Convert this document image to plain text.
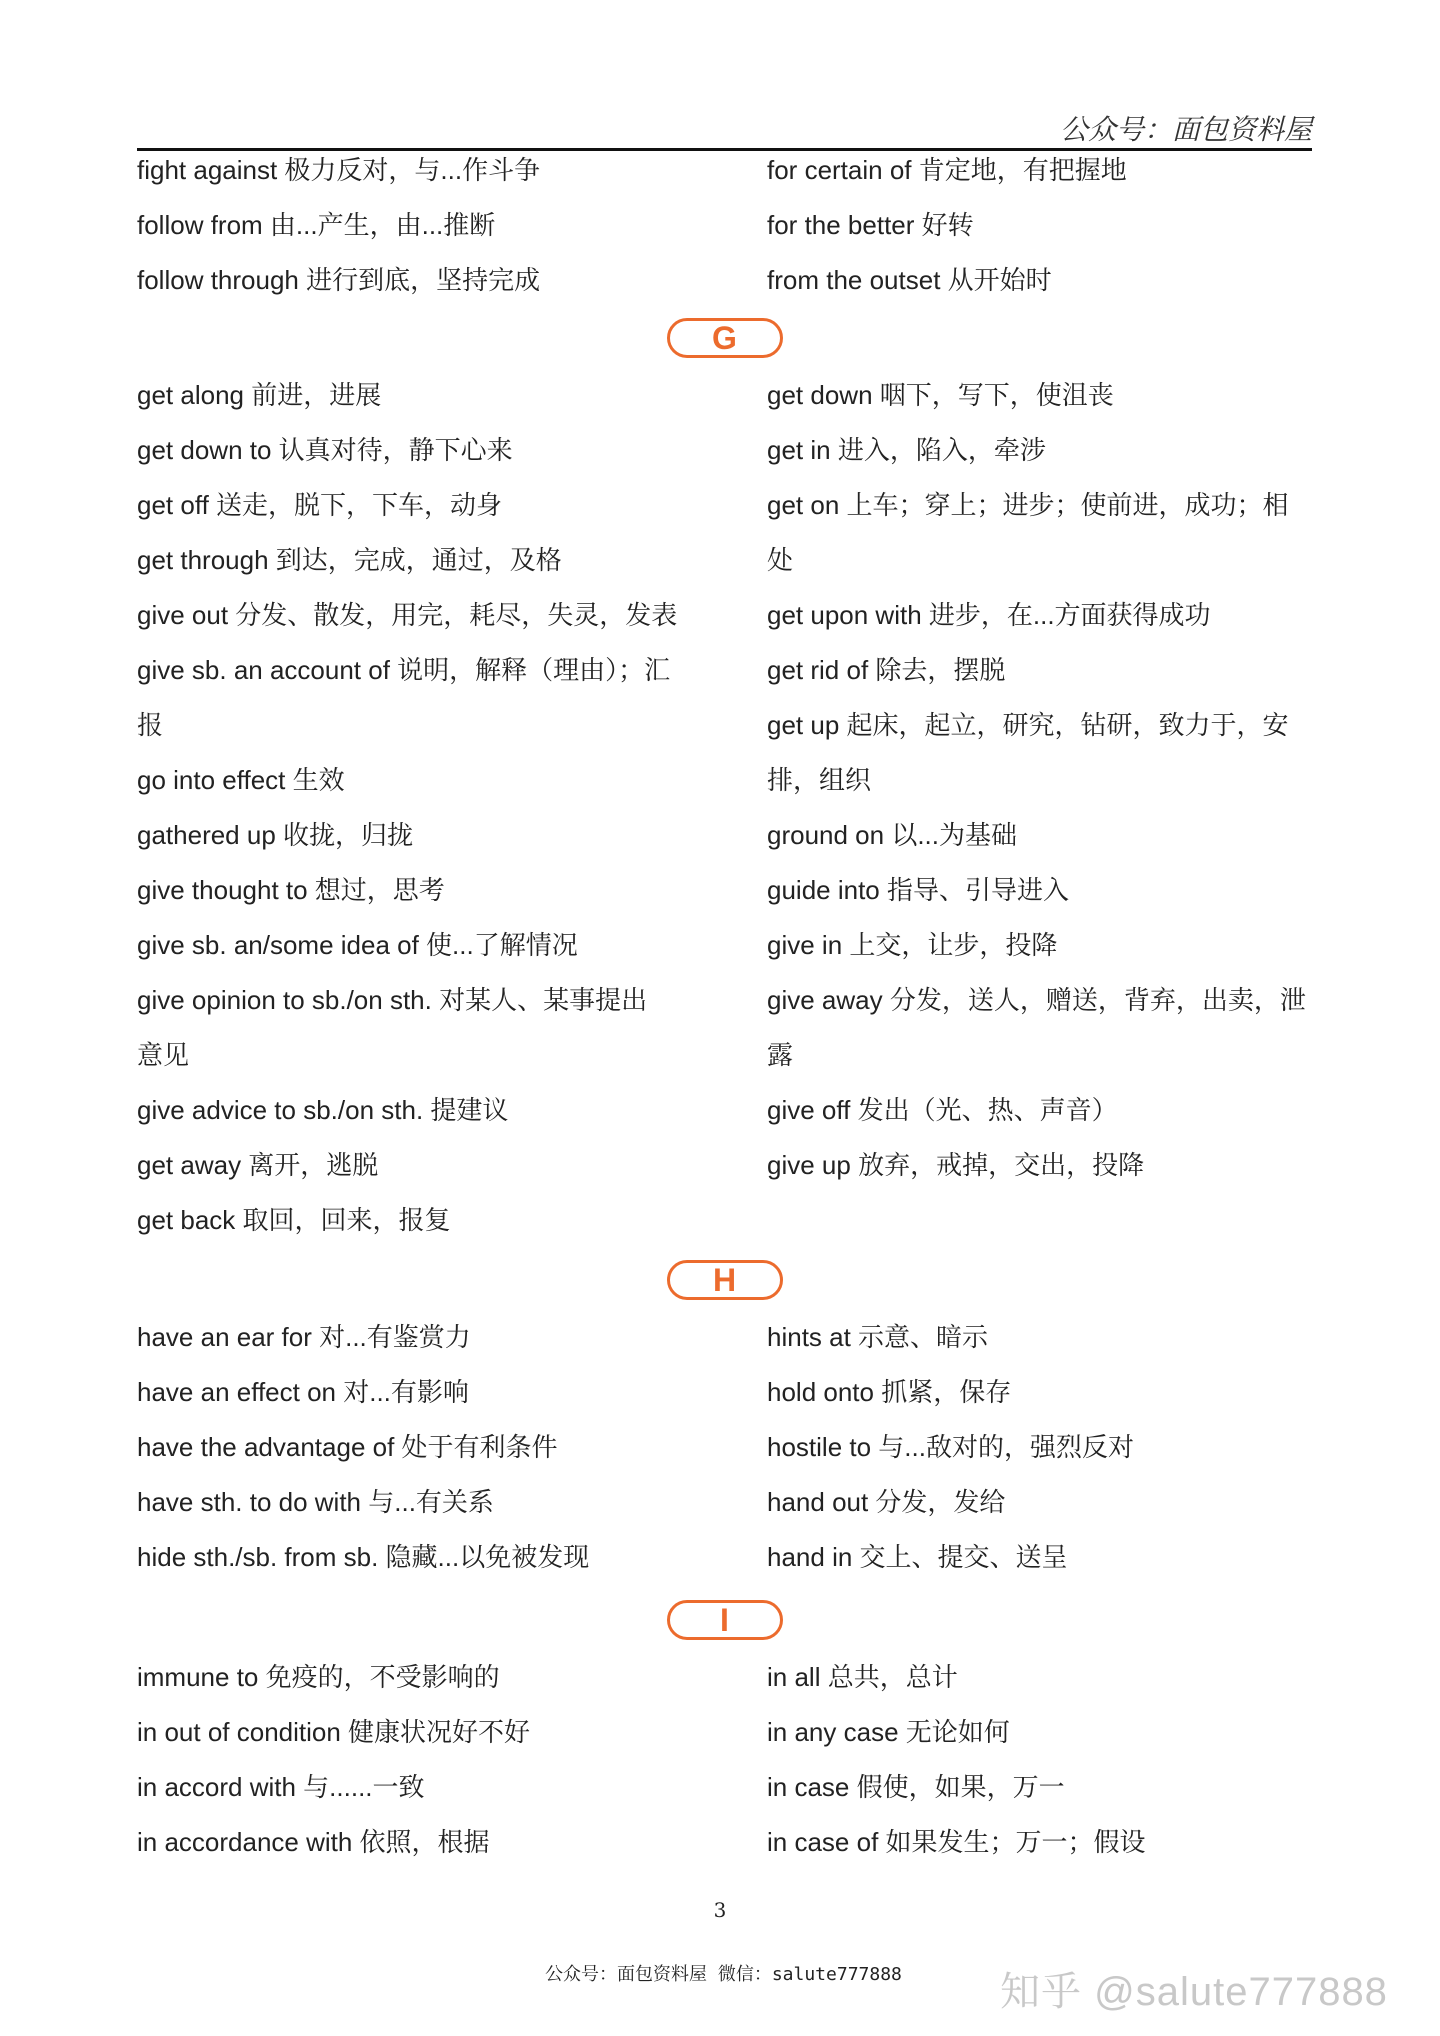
公众号：面包资料屋
fight against 极力反对，与...作斗争	for certain of 肯定地，有把握地
follow from 由...产生，由...推断	for the better 好转
follow through 进行到底，坚持完成	from the outset 从开始时
G
get along 前进，进展	get down 咽下，写下，使沮丧
get down to 认真对待，静下心来	get in 进入，陷入，牵涉
get off 送走，脱下，下车，动身	get on 上车；穿上；进步；使前进，成功；相
get through 到达，完成，通过，及格	处
give out 分发、散发，用完，耗尽，失灵，发表	get upon with 进步，在...方面获得成功
give sb. an account of 说明，解释（理由）；汇	get rid of 除去，摆脱
报	get up 起床，起立，研究，钻研，致力于，安
go into effect 生效	排，组织
gathered up 收拢，归拢	ground on 以...为基础
give thought to 想过，思考	guide into 指导、引导进入
give sb. an/some idea of 使...了解情况	give in 上交，让步，投降
give opinion to sb./on sth. 对某人、某事提出	give away 分发，送人，赠送，背弃，出卖，泄
意见	露
give advice to sb./on sth. 提建议	give off 发出（光、热、声音）
get away 离开，逃脱	give up 放弃，戒掉，交出，投降
get back 取回，回来，报复
H
have an ear for 对...有鉴赏力	hints at 示意、暗示
have an effect on 对...有影响	hold onto 抓紧，保存
have the advantage of 处于有利条件	hostile to 与...敌对的，强烈反对
have sth. to do with 与...有关系	hand out 分发，发给
hide sth./sb. from sb. 隐藏...以免被发现	hand in 交上、提交、送呈
I
immune to 免疫的，不受影响的	in all 总共，总计
in out of condition 健康状况好不好	in any case 无论如何
in accord with 与......一致	in case 假使，如果，万一
in accordance with 依照，根据	in case of 如果发生；万一；假设
3
公众号：面包资料屋 微信：salute777888 知乎 @salute777888
